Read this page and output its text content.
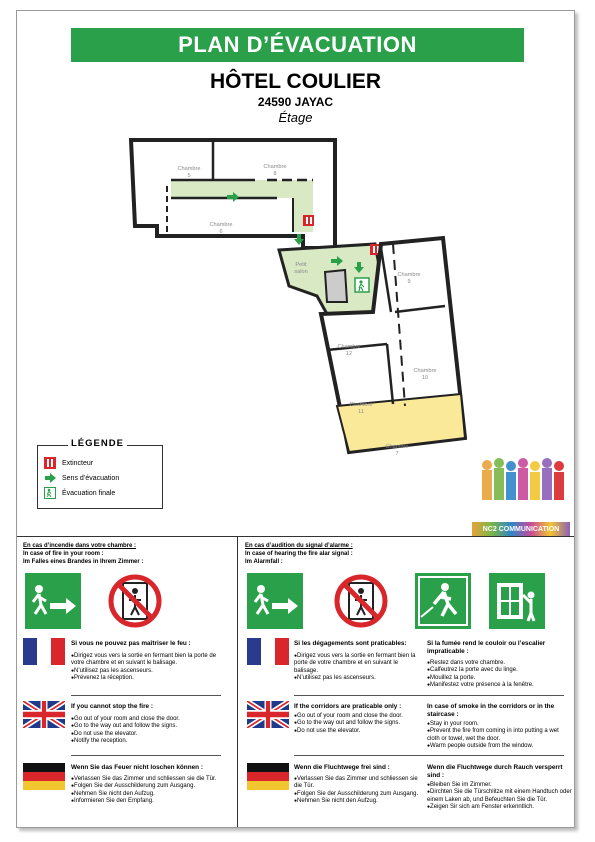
PLAN D’ÉVACUATION
HÔTEL COULIER
24590 JAYAC
Étage
Chambre 5
Chambre 8
Chambre 6
Petit salon	Chambre 9
Chambre 12
Chambre 10
Chambre 11
Chambre 7
LÉGENDE
Extincteur
Sens d’évacuation
Évacuation finale
NC2 COMMUNICATION
En cas d’incendie dans votre chambre :
In case of fire in your room :
Im Falles eines Brandes in Ihrem Zimmer :
Si vous ne pouvez pas maîtriser le feu :
● Dirigez vous vers la sortie en fermant bien la porte de votre chambre et en suivant le balisage.
● N’utilisez pas les ascenseurs.
● Prévenez la réception.
If you cannot stop the fire :
● Go out of your room and close the door.
● Go to the way out and follow the signs.
● Do not use the elevator.
● Notify the reception.
Wenn Sie das Feuer nicht loschen können :
● Verlassen Sie das Zimmer und schliessen sie die Tür.
● Folgen Sie der Ausschilderung zum Ausgang.
● Nehmen Sie nicht den Aufzug.
● Informieren Sie den Empfang.
En cas d’audition du signal d’alarme :
In case of hearing the fire alar signal :
Im Alarmfall :
Si les dégagements sont praticables:
● Dirigez vous vers la sortie en fermant bien la porte de votre chambre et en suivant le balisage.
● N’utilisez pas les ascenseurs.
Si la fumée rend le couloir ou l’escalier impraticable :
● Restez dans votre chambre.
● Calfeutrez la porte avec du linge.
● Mouillez la porte.
● Manifestez votre présence à la fenêtre.
If the corridors are praticable only :
● Go out of your room and close the door.
● Go to the way out and follow the signs.
● Do not use the elevator.
In case of smoke in the corridors or in the staircase :
● Stay in your room.
● Prevent the fire from coming in into putting a wet cloth or towel, wet the door.
● Warm people outside from the window.
Wenn die Fluchtwege frei sind :
● Verlassen Sie das Zimmer und schliessen sie die Tür.
● Folgen Sie der Ausschilderung zum Ausgang.
● Nehmen Sie nicht den Aufzug.
Wenn die Fluchtwege durch Rauch versperrt sind :
● Bleiben Sie im Zimmer.
● Dirchten Sie die Türschlitze mit einem Handtuch oder einem Laken ab, und Befeuchten Sie die Tür.
● Zeigen Sir sich am Fenster erkenntlich.
